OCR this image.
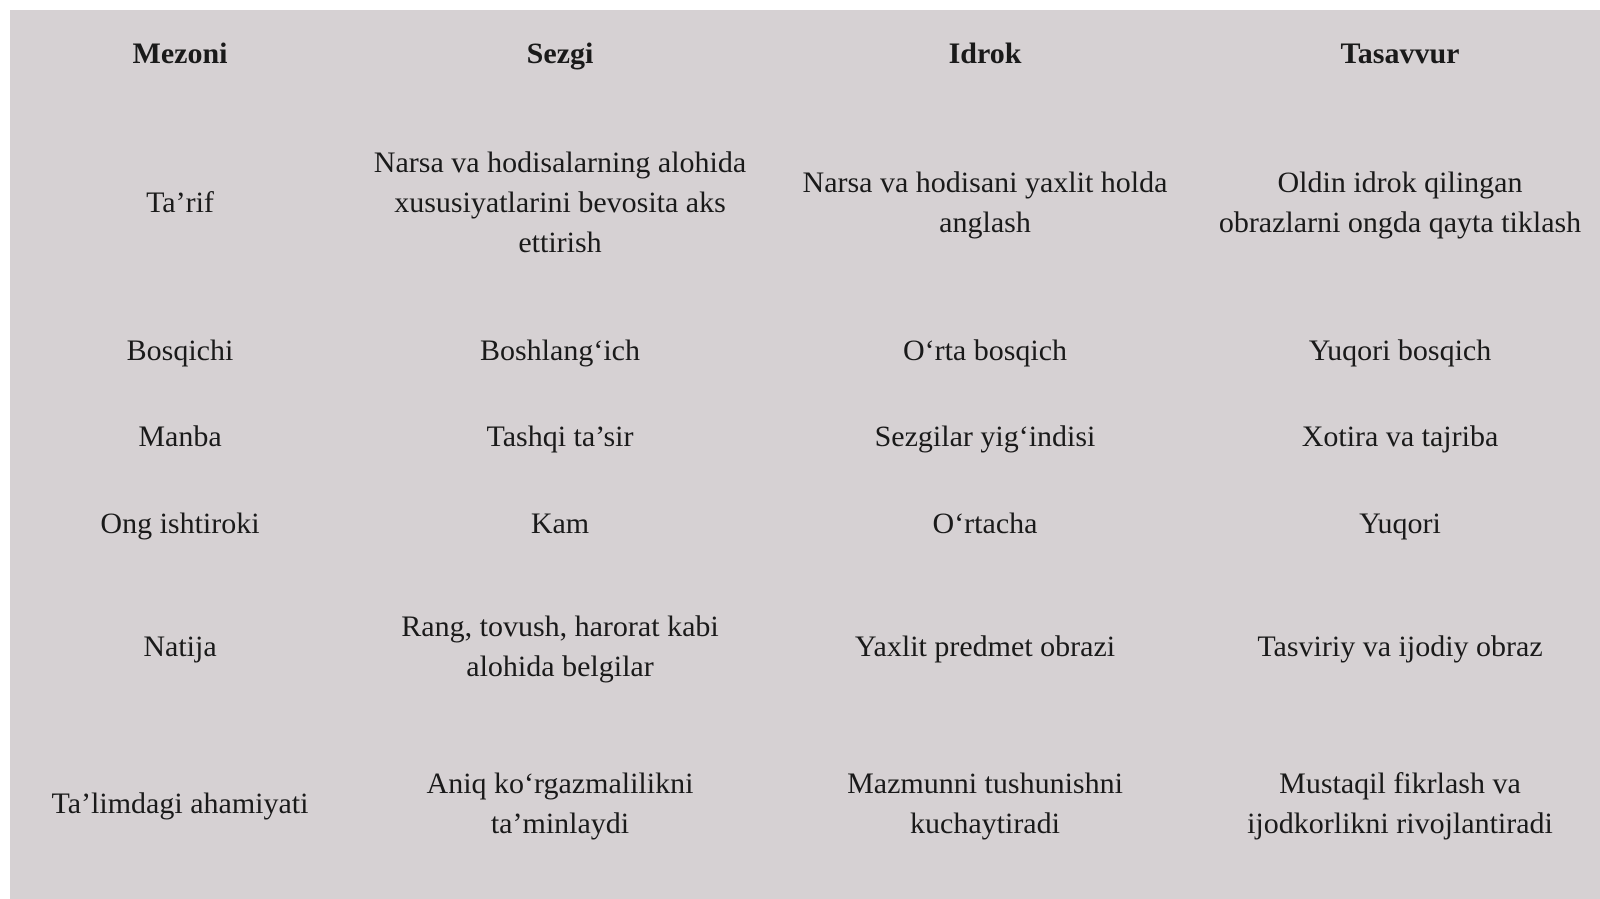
Mezoni	Sezgi	Idrok	Tasavvur
Ta’rif	Narsa va hodisalarning alohida xususiyatlarini bevosita aks ettirish	Narsa va hodisani yaxlit holda anglash	Oldin idrok qilingan obrazlarni ongda qayta tiklash
Bosqichi	Boshlang‘ich	O‘rta bosqich	Yuqori bosqich
Manba	Tashqi ta’sir	Sezgilar yig‘indisi	Xotira va tajriba
Ong ishtiroki	Kam	O‘rtacha	Yuqori
Natija	Rang, tovush, harorat kabi alohida belgilar	Yaxlit predmet obrazi	Tasviriy va ijodiy obraz
Ta’limdagi ahamiyati	Aniq ko‘rgazmalilikni ta’minlaydi	Mazmunni tushunishni kuchaytiradi	Mustaqil fikrlash va ijodkorlikni rivojlantiradi
